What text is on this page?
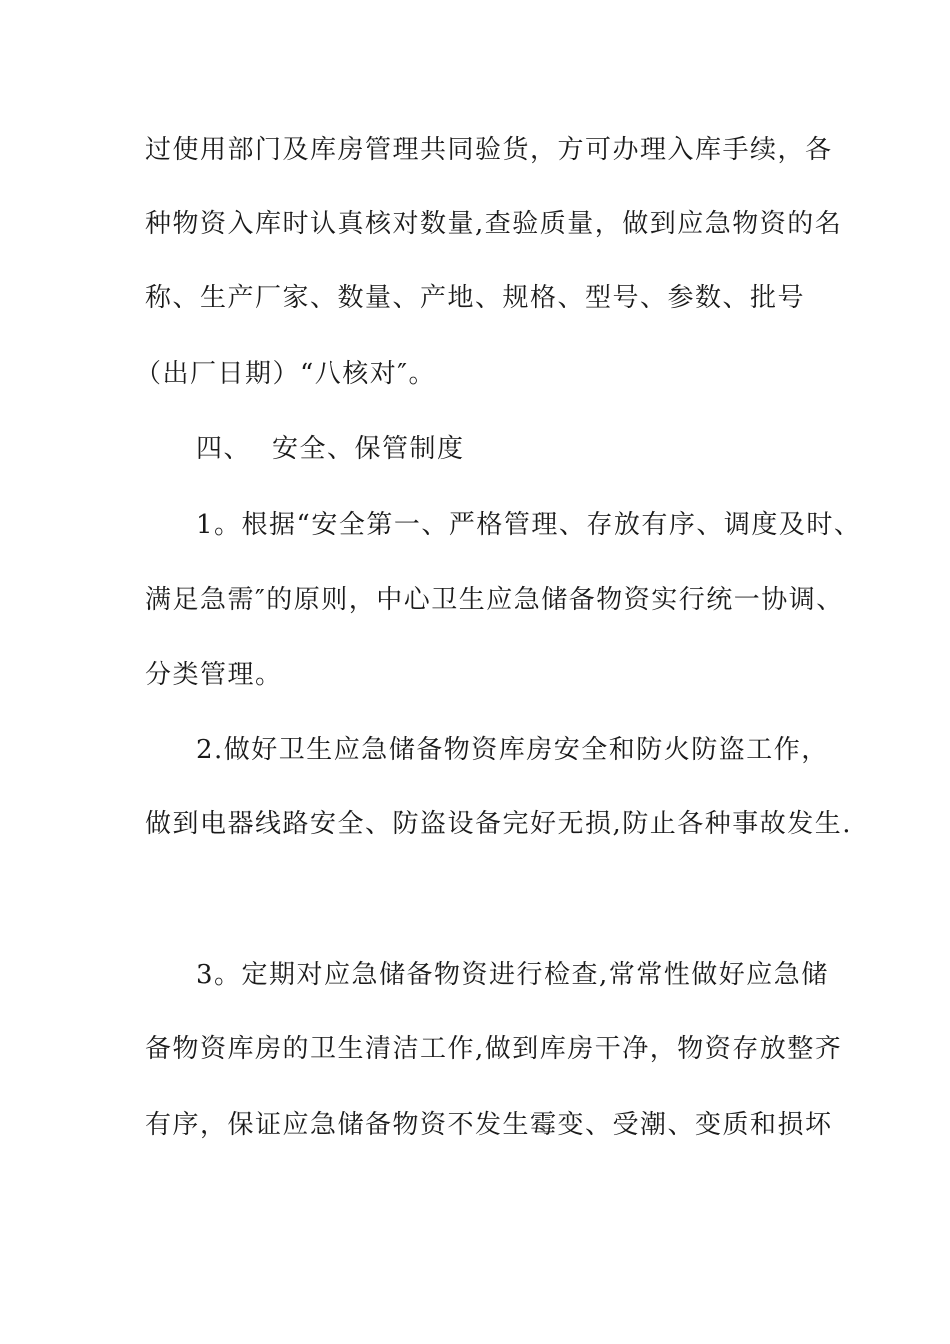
过使用部门及库房管理共同验货，方可办理入库手续，各
种物资入库时认真核对数量,查验质量，做到应急物资的名
称、生产厂家、数量、产地、规格、型号、参数、批号
（出厂日期）“八核对″。
四、 安全、保管制度
1。根据“安全第一、严格管理、存放有序、调度及时、
满足急需″的原则，中心卫生应急储备物资实行统一协调、
分类管理。
2.做好卫生应急储备物资库房安全和防火防盗工作，
做到电器线路安全、防盗设备完好无损,防止各种事故发生.
3。定期对应急储备物资进行检查,常常性做好应急储
备物资库房的卫生清洁工作,做到库房干净，物资存放整齐
有序，保证应急储备物资不发生霉变、受潮、变质和损坏
